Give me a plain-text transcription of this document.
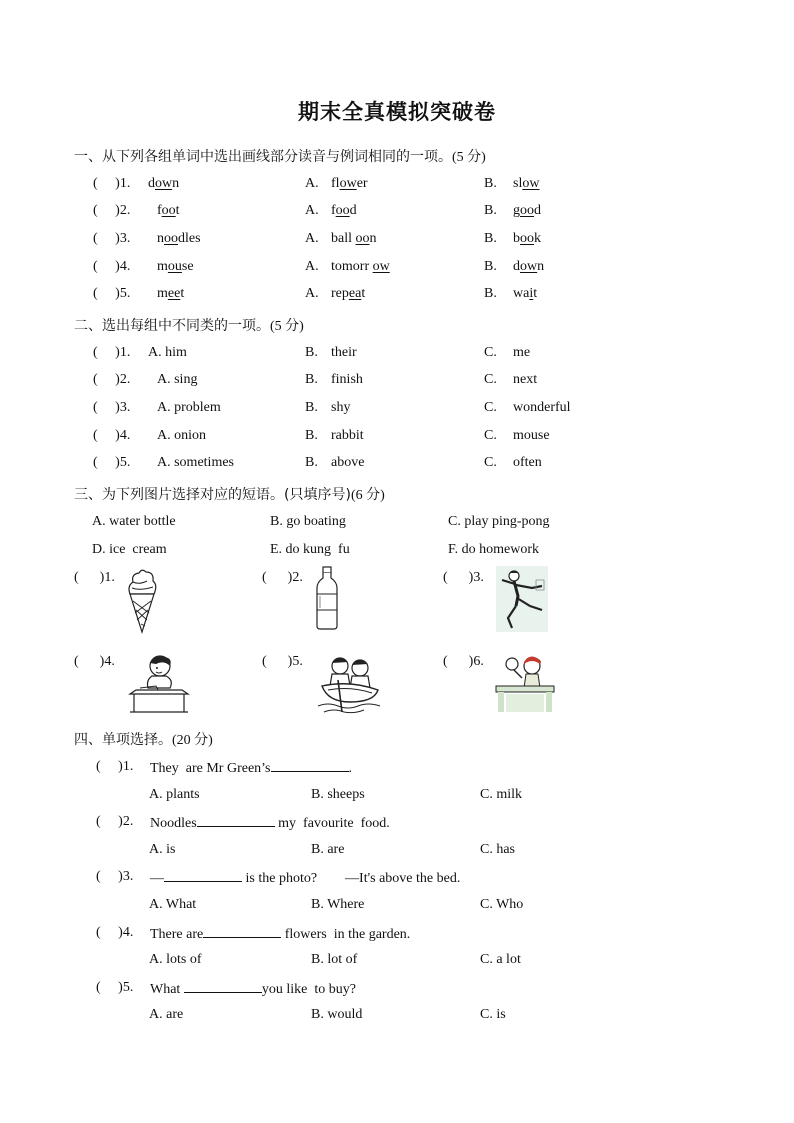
期末全真模拟突破卷
一、从下列各组单词中选出画线部分读音与例词相同的一项。(5 分)
(     )1. down	A. flower	B. slow
(     )2. foot	A. food	B. good
(     )3. noodles	A. ball oon	B. book
(     )4. mouse	A. tomorr ow	B. down
(     )5. meet	A. repeat	B. wait
二、选出每组中不同类的一项。(5 分)
(     )1. A. him	B. their	C. me
(     )2. A. sing	B. finish	C. next
(     )3. A. problem	B. shy	C. wonderful
(     )4. A. onion	B. rabbit	C. mouse
(     )5. A. sometimes	B. above	C. often
三、为下列图片选择对应的短语。(只填序号)(6 分)
A. water bottle	B. go boating	C. play ping-pong
D. ice  cream	E. do kung  fu	F. do homework
(      )1.	(      )2.	(      )3.
(      )4.	(      )5.	(      )6.
四、单项选择。(20 分)
(     )1. They  are Mr Green’s	.
A. plants	B. sheeps	C. milk
(     )2. Noodles	my  favourite  food.
A. is	B. are	C. has
(     )3. —	is the photo?        —It's above the bed.
A. What	B. Where	C. Who
(     )4. There are	flowers  in the garden.
A. lots of	B. lot of	C. a lot
(     )5. What	you like  to buy?
A. are	B. would	C. is
